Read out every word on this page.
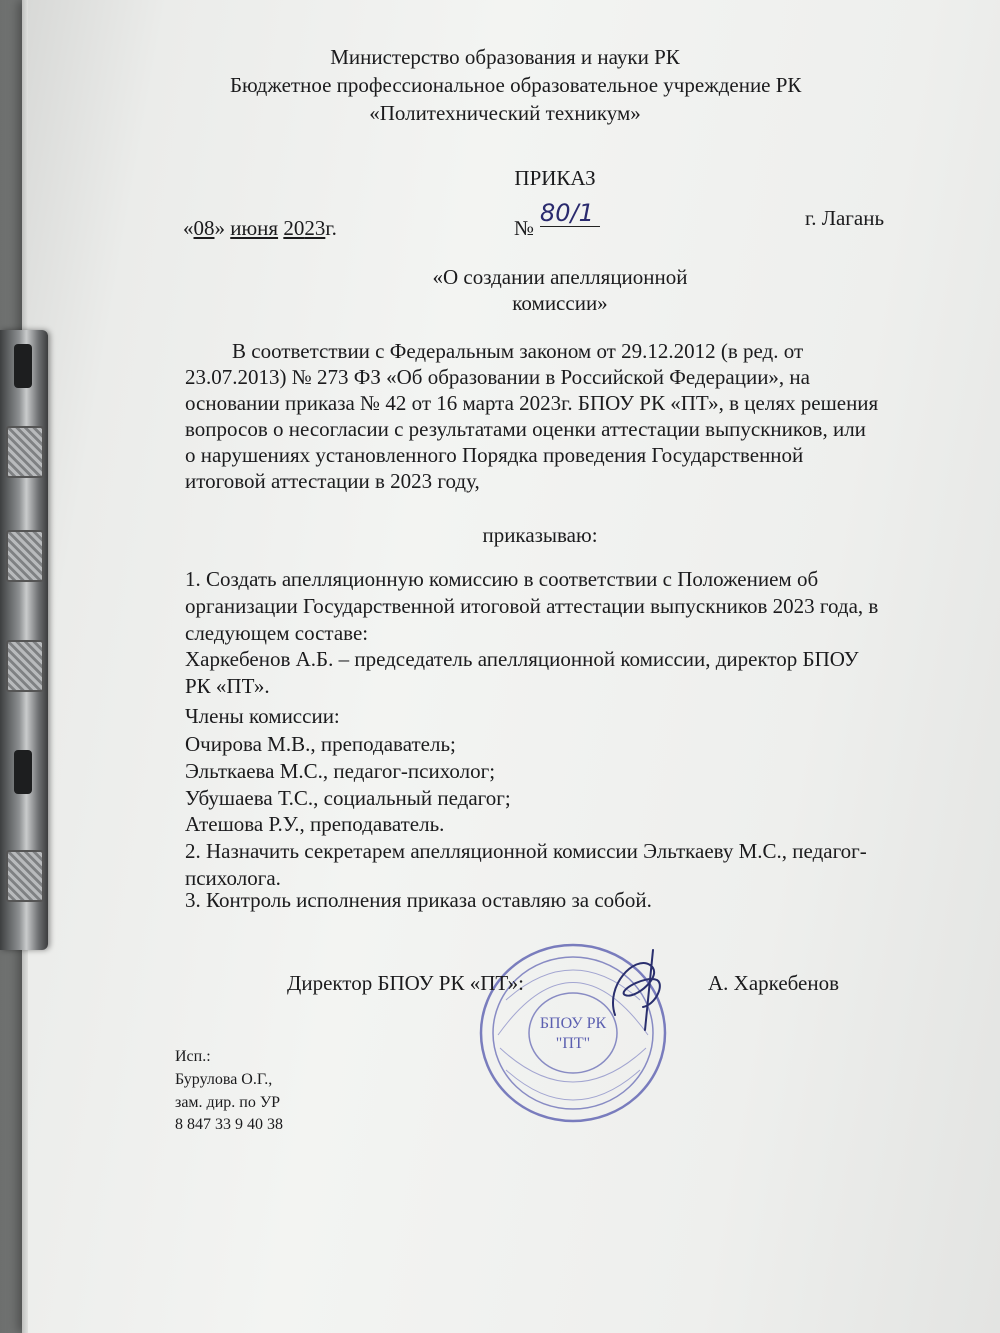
Министерство образования и науки РК
Бюджетное профессиональное образовательное учреждение РК
«Политехнический техникум»
ПРИКАЗ
«08» июня 2023г.	№
80/1	г. Лагань
«О создании апелляционной
комиссии»
В соответствии с Федеральным законом от 29.12.2012 (в ред. от
23.07.2013) № 273 ФЗ «Об образовании в Российской Федерации», на
основании приказа № 42 от 16 марта 2023г. БПОУ РК «ПТ», в целях решения
вопросов о несогласии с результатами оценки аттестации выпускников, или
о нарушениях установленного Порядка проведения Государственной
итоговой аттестации в 2023 году,
приказываю:
1. Создать апелляционную комиссию в соответствии с Положением об
организации Государственной итоговой аттестации выпускников 2023 года, в
следующем составе:
Харкебенов А.Б. – председатель апелляционной комиссии, директор БПОУ
РК «ПТ».
Члены комиссии:
Очирова М.В., преподаватель;
Эльткаева М.С., педагог-психолог;
Убушаева Т.С., социальный педагог;
Атешова Р.У., преподаватель.
2. Назначить секретарем апелляционной комиссии Эльткаеву М.С., педагог-
психолога.
3. Контроль исполнения приказа оставляю за собой.
БПОУ РК
"ПТ"
Директор БПОУ РК «ПТ»:	А. Харкебенов
Исп.:
Бурулова О.Г.,
зам. дир. по УР
8 847 33 9 40 38
